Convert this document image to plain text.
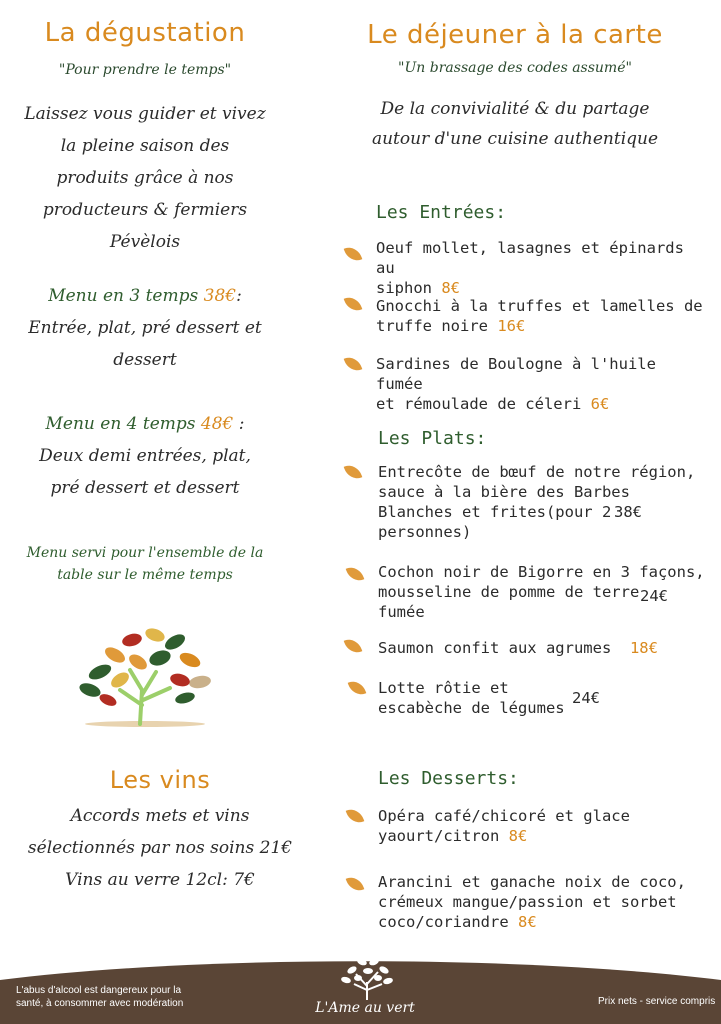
La dégustation
"Pour prendre le temps"
Laissez vous guider et vivez
la pleine saison des
produits grâce à nos
producteurs & fermiers
Pévèlois
Menu en 3 temps 38€:
Entrée, plat, pré dessert et
dessert
Menu en 4 temps 48€ :
Deux demi entrées, plat,
pré dessert et dessert
Menu servi pour l'ensemble de la
table sur le même temps
Les vins
Accords mets et vins
sélectionnés par nos soins 21€
Vins au verre 12cl: 7€
Le déjeuner à la carte
"Un brassage des codes assumé"
De la convivialité & du partage
autour d'une cuisine authentique
Les Entrées:
Oeuf mollet, lasagnes et épinards au
siphon 8€
Gnocchi à la truffes et lamelles de
truffe noire 16€
Sardines de Boulogne à l'huile fumée
et rémoulade de céleri 6€
Les Plats:
Entrecôte de bœuf de notre région,
sauce à la bière des Barbes
Blanches et frites(pour 2
personnes)
38€
Cochon noir de Bigorre en 3 façons,
mousseline de pomme de terre
fumée
24€
Saumon confit aux agrumes 18€
Lotte rôtie et
escabèche de légumes
24€
Les Desserts:
Opéra café/chicoré et glace
yaourt/citron 8€
Arancini et ganache noix de coco,
crémeux mangue/passion et sorbet
coco/coriandre 8€
L'abus d'alcool est dangereux pour la
santé, à consommer avec modération	L'Ame au vert	Prix nets - service compris
